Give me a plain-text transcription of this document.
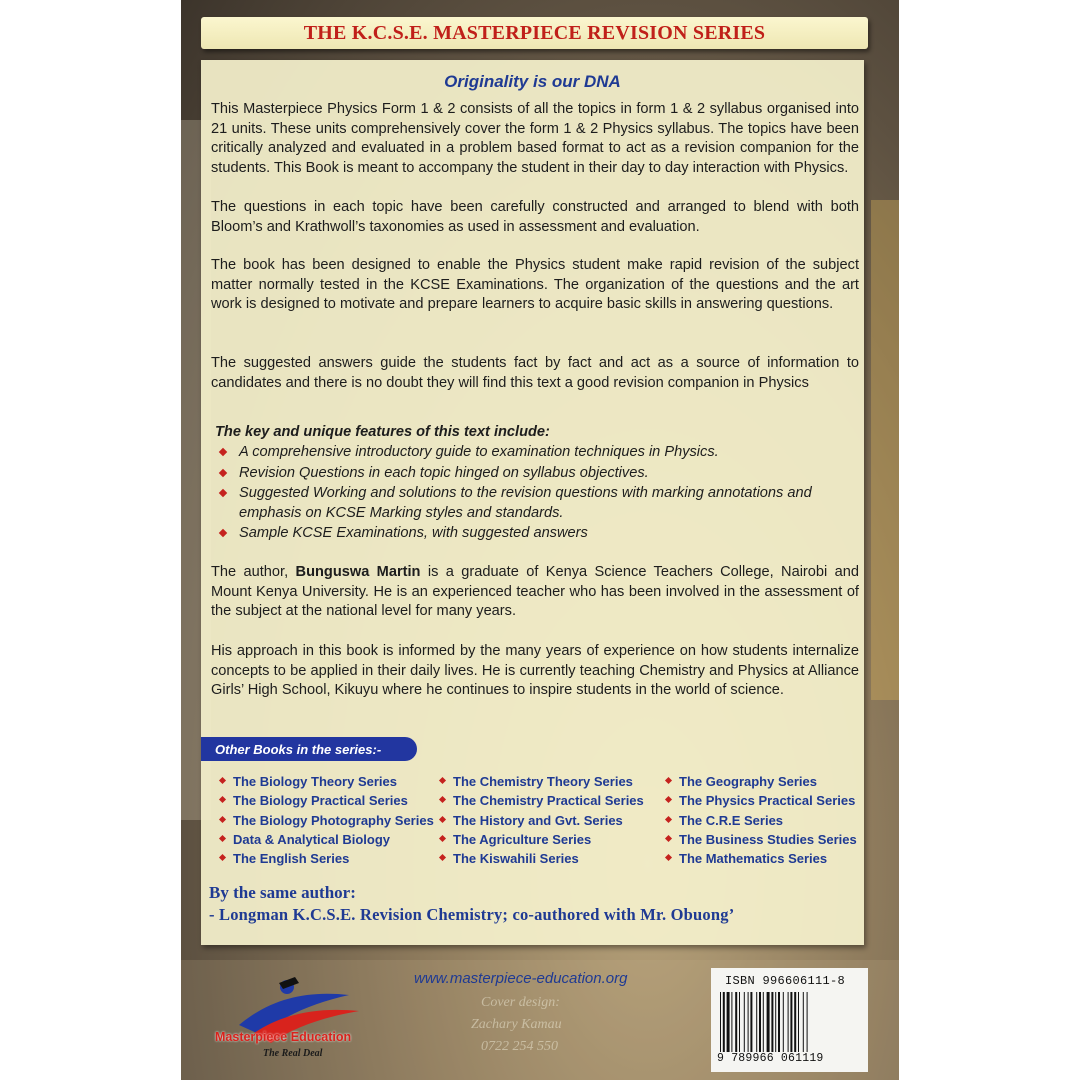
THE K.C.S.E. MASTERPIECE REVISION SERIES
Originality is our DNA

This Masterpiece Physics Form 1 & 2 consists of all the topics in form 1 & 2 syllabus organised into 21 units. These units comprehensively cover the form 1 & 2 Physics syllabus. The topics have been critically analyzed and evaluated in a problem based format to act as a revision companion for the students. This Book is meant to accompany the student in their day to day interaction with Physics.

The questions in each topic have been carefully constructed and arranged to blend with both Bloom’s and Krathwoll’s taxonomies as used in assessment and evaluation.

The book has been designed to enable the Physics student make rapid revision of the subject matter normally tested in the KCSE Examinations. The organization of the questions and the art work is designed to motivate and prepare learners to acquire basic skills in answering questions.

The suggested answers guide the students fact by fact and act as a source of information to candidates and there is no doubt they will find this text a good revision companion in Physics

The key and unique features of this text include:
A comprehensive introductory guide to examination techniques in Physics.
Revision Questions in each topic hinged on syllabus objectives.
Suggested Working and solutions to the revision questions with marking annotations and emphasis on KCSE Marking styles and standards.
Sample KCSE Examinations, with suggested answers

The author, Bunguswa Martin is a graduate of Kenya Science Teachers College, Nairobi and Mount Kenya University. He is an experienced teacher who has been involved in the assessment of the subject at the national level for many years.

His approach in this book is informed by the many years of experience on how students internalize concepts to be applied in their daily lives. He is currently teaching Chemistry and Physics at Alliance Girls’ High School, Kikuyu where he continues to inspire students in the world of science.

Other Books in the series:-
The Biology Theory Series
The Biology Practical Series
The Biology Photography Series
Data & Analytical Biology
The English Series
The Chemistry Theory Series
The Chemistry Practical Series
The History and Gvt. Series
The Agriculture Series
The Kiswahili Series
The Geography Series
The Physics Practical Series
The C.R.E Series
The Business Studies Series
The Mathematics Series
By the same author:
- Longman K.C.S.E. Revision Chemistry; co-authored with Mr. Obuong’
Masterpiece Education
The Real Deal
www.masterpiece-education.org
Cover design:
Zachary Kamau
0722 254 550
ISBN 996606111-8
9 789966 061119
